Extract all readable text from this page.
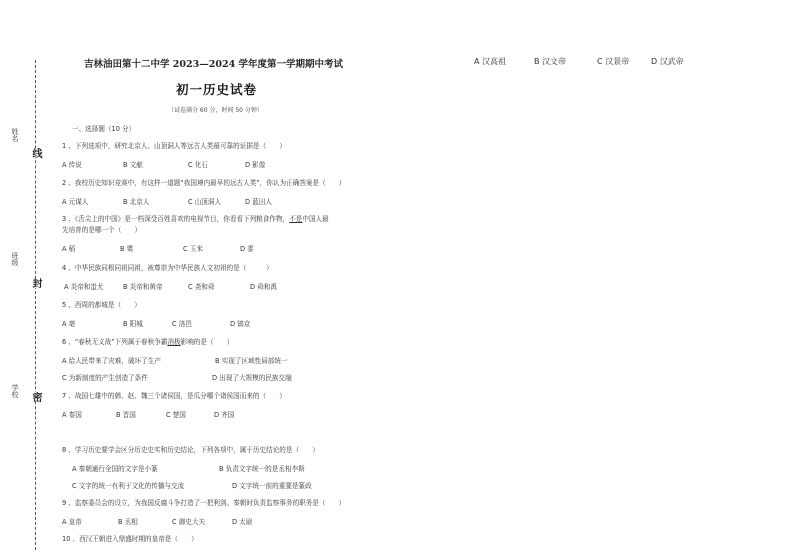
姓名
班级
学校
线
封
密
A 汉高祖	B 汉文帝	C 汉景帝	D 汉武帝
吉林油田第十二中学 2023—2024 学年度第一学期期中考试
初一历史试卷
（试卷满分 60 分，时间 50 分钟）
一、选择题（10 分）
1 、下列选项中，研究北京人、山顶洞人等远古人类最可靠的证据是（　　）
A 传说	B 文献	C 化石	D 影像
2 、我校历史知识竞赛中，有这样一道题“我国境内最早的远古人类”，你认为正确答案是（　　）
A 元谋人	B 北京人	C 山顶洞人	D 蓝田人
3 、《舌尖上的中国》是一档深受百姓喜欢的电视节目，你看看下列粮食作物，不是中国人最
先培育的是哪一个（　　）
A 稻	B 粟	C 玉米	D 黍
4 、中华民族同根同祖同祖，被尊崇为中华民族人文初祖的是（　　　）
A 炎帝和蚩尤	B 炎帝和黄帝	C 尧和舜	D 舜和禹
5 、西周的都城是（　　）
A 亳	B 阳城	C 洛邑	D 镐京
6 、“春秋无义战”下列属于春秋争霸消极影响的是（　　）
A 给人民带来了灾难，破坏了生产	B 实现了区域性局部统一
C 为新制度的产生创造了条件	D 出现了大规模的民族交融
7 、战国七雄中的韩、赵、魏三个诸侯国，是瓜分哪个诸侯国而来的（　　）
A 秦国	B 晋国	C 楚国	D 齐国
8 、学习历史要学会区分历史史实和历史结论，下列各项中，属于历史结论的是（　　）
A 秦朝通行全国的文字是小篆	B 负责文字统一的是丞相李斯
C 文字的统一有利于文化的传播与交流	D 文字统一前的重要是篆政
9 、监察委员会的设立，为我国反腐斗争打造了一把利剑。秦朝时负责监察事务的职务是（　　）
A 皇帝	B 丞相	C 御史大夫	D 太尉
10 、西汉王朝进入鼎盛时期的皇帝是（　　）
